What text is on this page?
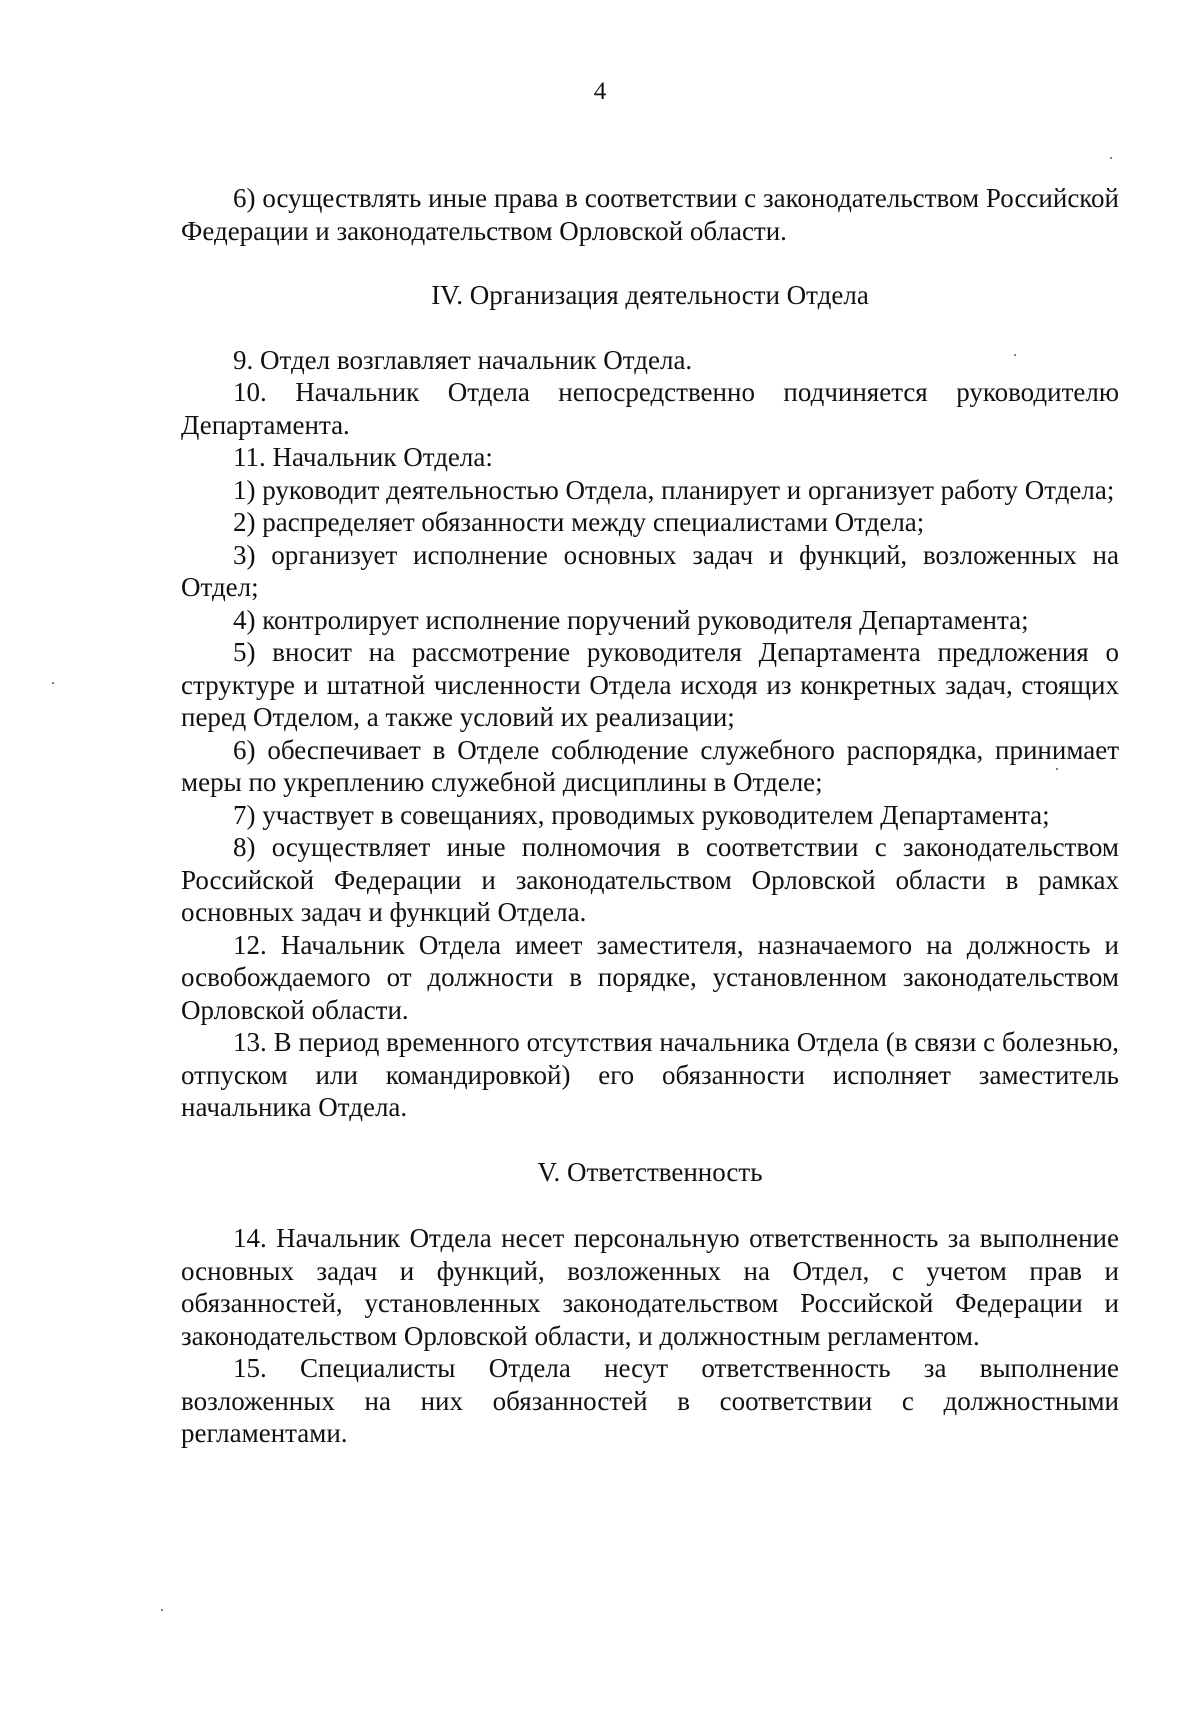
4

6) осуществлять иные права в соответствии с законодательством Российской Федерации и законодательством Орловской области.

IV. Организация деятельности Отдела

9. Отдел возглавляет начальник Отдела.

10. Начальник Отдела непосредственно подчиняется руководителю Департамента.

11. Начальник Отдела:

1) руководит деятельностью Отдела, планирует и организует работу Отдела;

2) распределяет обязанности между специалистами Отдела;

3) организует исполнение основных задач и функций, возложенных на Отдел;

4) контролирует исполнение поручений руководителя Департамента;

5) вносит на рассмотрение руководителя Департамента предложения о структуре и штатной численности Отдела исходя из конкретных задач, стоящих перед Отделом, а также условий их реализации;

6) обеспечивает в Отделе соблюдение служебного распорядка, принимает меры по укреплению служебной дисциплины в Отделе;

7) участвует в совещаниях, проводимых руководителем Департамента;

8) осуществляет иные полномочия в соответствии с законодательством Российской Федерации и законодательством Орловской области в рамках основных задач и функций Отдела.

12. Начальник Отдела имеет заместителя, назначаемого на должность и освобождаемого от должности в порядке, установленном законодательством Орловской области.

13. В период временного отсутствия начальника Отдела (в связи с болезнью, отпуском или командировкой) его обязанности исполняет заместитель начальника Отдела.

V. Ответственность

14. Начальник Отдела несет персональную ответственность за выполнение основных задач и функций, возложенных на Отдел, с учетом прав и обязанностей, установленных законодательством Российской Федерации и законодательством Орловской области, и должностным регламентом.

15. Специалисты Отдела несут ответственность за выполнение возложенных на них обязанностей в соответствии с должностными регламентами.
